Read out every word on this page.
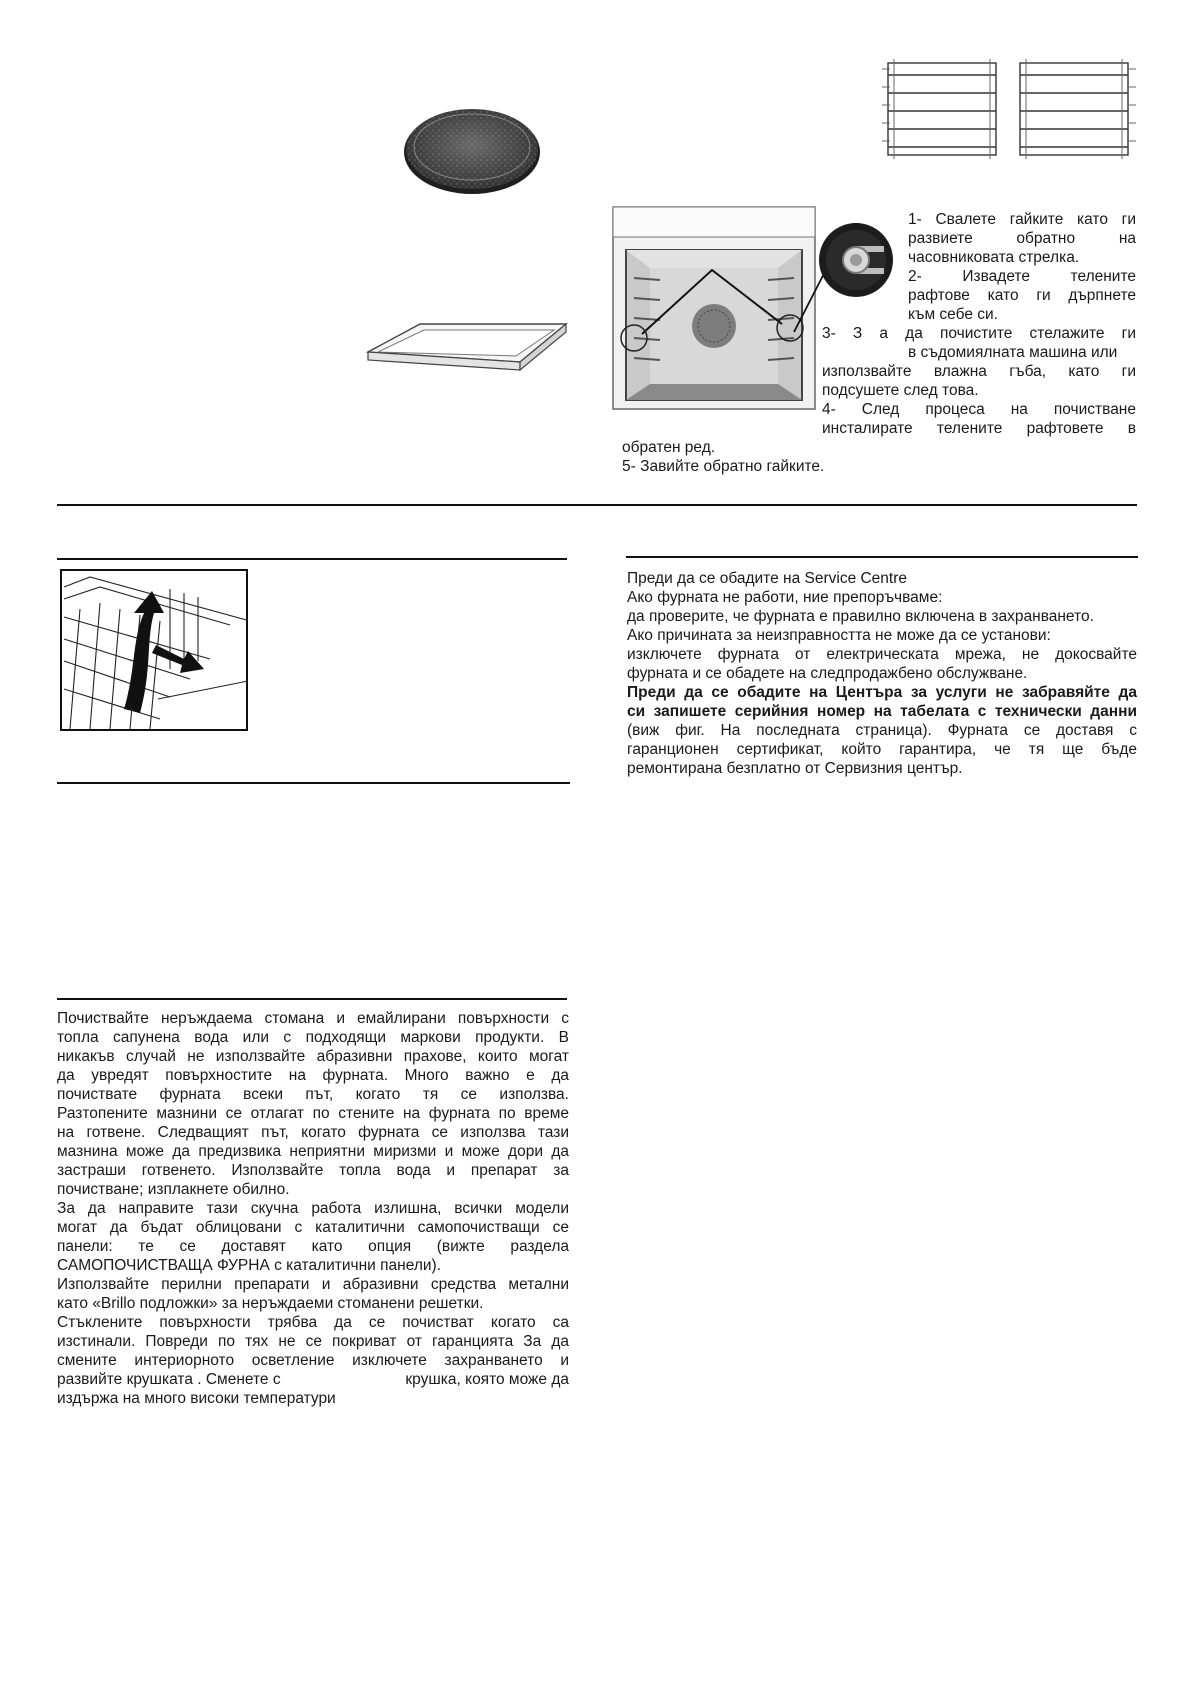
1- Свалете гайките като ги
развиете обратно на
часовниковата стрелка.
2- Извадете телените
рафтове като ги дърпнете
към себе си.
3- З а да почистите стелажите ги
в съдомиялната машина или
използвайте влажна гъба, като ги
подсушете след това.
4- След процеса на почистване
инсталирате телените рафтовете в
обратен ред.
5- Завийте обратно гайките.
Преди да се обадите на Service Centre
Ако фурната не работи, ние препоръчваме:
да проверите, че фурната е правилно включена в захранването.
Ако причината за неизправността не може да се установи:
изключете фурната от електрическата мрежа, не докосвайте
фурната и се обадете на следпродажбено обслужване.
Преди да се обадите на Центъра за услуги не забравяйте да
си запишете серийния номер на табелата с технически данни
(виж фиг. На последната страница). Фурната се доставя с
гаранционен сертификат, който гарантира, че тя ще бъде
ремонтирана безплатно от Сервизния център.
Почиствайте неръждаема стомана и емайлирани повърхности с
топла сапунена вода или с подходящи маркови продукти. В
никакъв случай не използвайте абразивни прахове, които могат
да увредят повърхностите на фурната. Много важно е да
почиствате фурната всеки път, когато тя се използва.
Разтопените мазнини се отлагат по стените на фурната по време
на готвене. Следващият път, когато фурната се използва тази
мазнина може да предизвика неприятни миризми и може дори да
застраши готвенето. Използвайте топла вода и препарат за
почистване; изплакнете обилно.
За да направите тази скучна работа излишна, всички модели
могат да бъдат облицовани с каталитични самопочистващи се
панели: те се доставят като опция (вижте раздела
САМОПОЧИСТВАЩА ФУРНА с каталитични панели).
Използвайте перилни препарати и абразивни средства метални
като «Brillo подложки» за неръждаеми стоманени решетки.
Стъклените повърхности трябва да се почистват когато са
изстинали. Повреди по тях не се покриват от гаранцията За да
смените интериорното осветление изключете захранването и
развийте крушката . Сменете с	крушка, която може да
издържа на много високи температури
